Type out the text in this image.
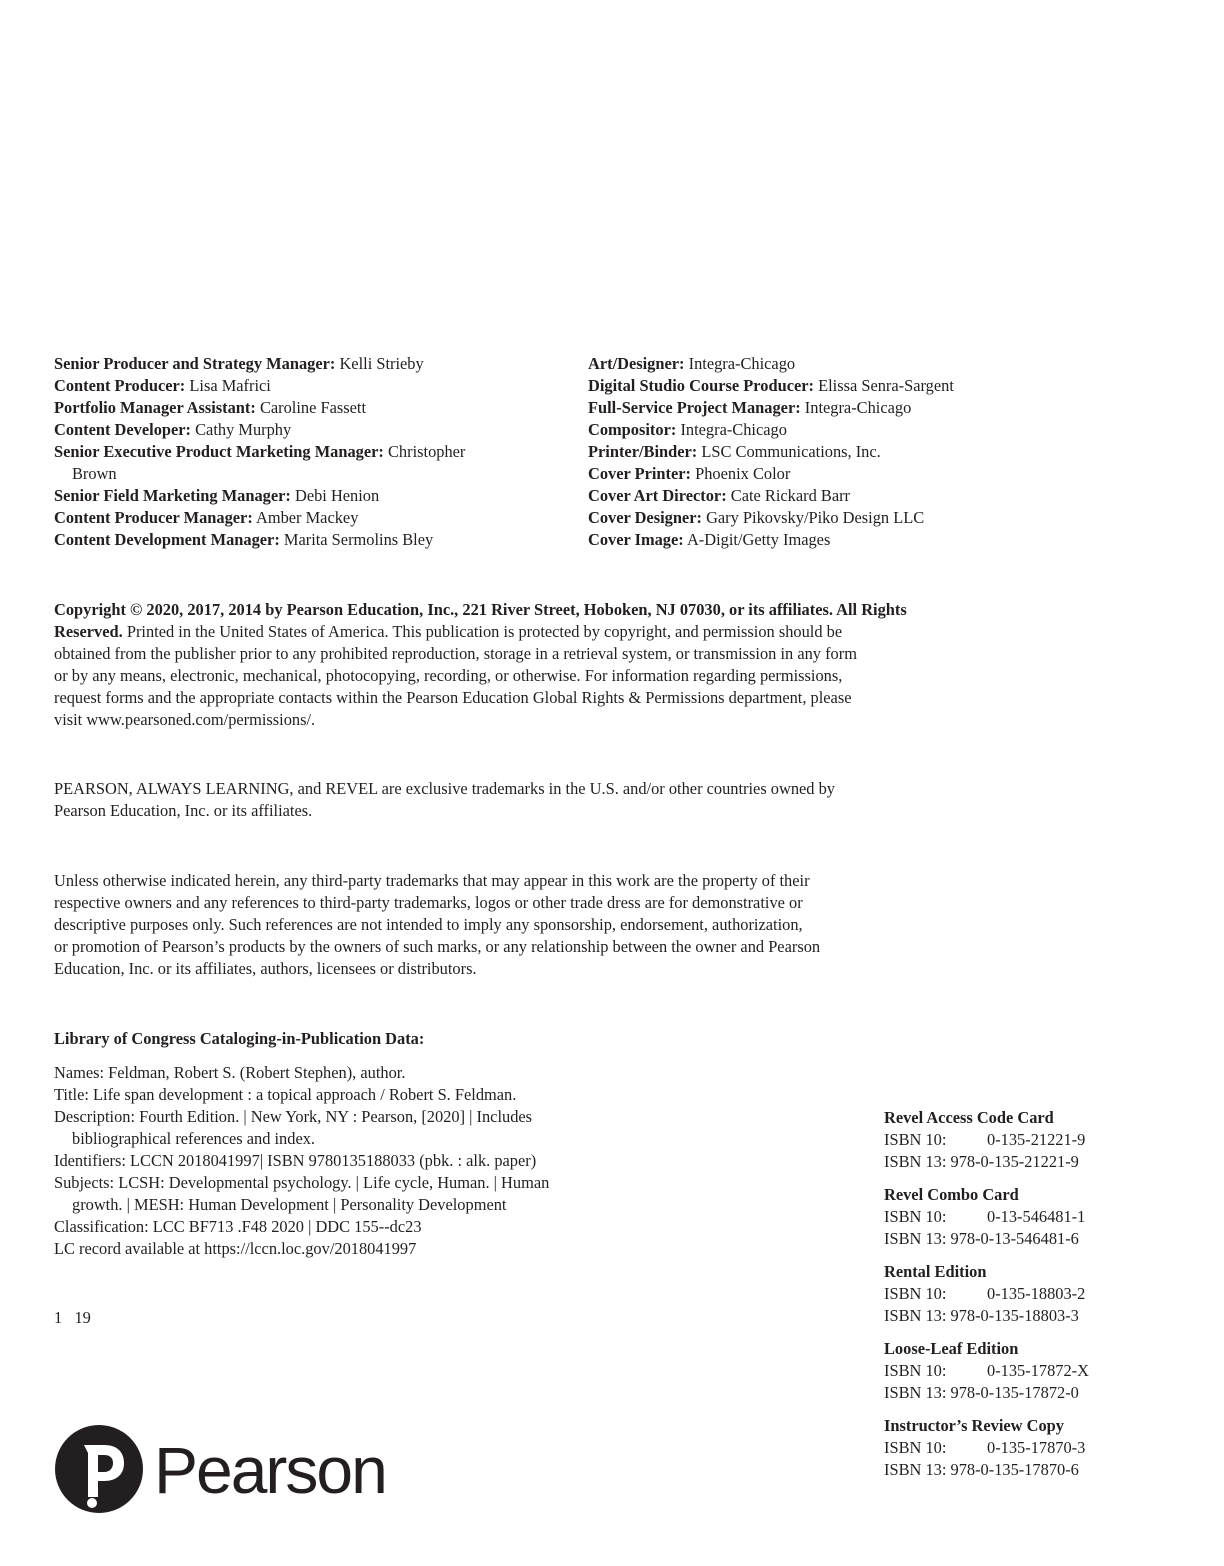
Senior Producer and Strategy Manager: Kelli Strieby
Content Producer: Lisa Mafrici
Portfolio Manager Assistant: Caroline Fassett
Content Developer: Cathy Murphy
Senior Executive Product Marketing Manager: Christopher
Brown
Senior Field Marketing Manager: Debi Henion
Content Producer Manager: Amber Mackey
Content Development Manager: Marita Sermolins Bley
Art/Designer: Integra-Chicago
Digital Studio Course Producer: Elissa Senra-Sargent
Full-Service Project Manager: Integra-Chicago
Compositor: Integra-Chicago
Printer/Binder: LSC Communications, Inc.
Cover Printer: Phoenix Color
Cover Art Director: Cate Rickard Barr
Cover Designer: Gary Pikovsky/Piko Design LLC
Cover Image: A-Digit/Getty Images
Copyright © 2020, 2017, 2014 by Pearson Education, Inc., 221 River Street, Hoboken, NJ 07030, or its affiliates. All Rights
Reserved. Printed in the United States of America. This publication is protected by copyright, and permission should be
obtained from the publisher prior to any prohibited reproduction, storage in a retrieval system, or transmission in any form
or by any means, electronic, mechanical, photocopying, recording, or otherwise. For information regarding permissions,
request forms and the appropriate contacts within the Pearson Education Global Rights & Permissions department, please
visit www.pearsoned.com/permissions/.
PEARSON, ALWAYS LEARNING, and REVEL are exclusive trademarks in the U.S. and/or other countries owned by
Pearson Education, Inc. or its affiliates.
Unless otherwise indicated herein, any third-party trademarks that may appear in this work are the property of their
respective owners and any references to third-party trademarks, logos or other trade dress are for demonstrative or
descriptive purposes only. Such references are not intended to imply any sponsorship, endorsement, authorization,
or promotion of Pearson’s products by the owners of such marks, or any relationship between the owner and Pearson
Education, Inc. or its affiliates, authors, licensees or distributors.
Library of Congress Cataloging-in-Publication Data:
Names: Feldman, Robert S. (Robert Stephen), author.
Title: Life span development : a topical approach / Robert S. Feldman.
Description: Fourth Edition. | New York, NY : Pearson, [2020] | Includes
bibliographical references and index.
Identifiers: LCCN 2018041997| ISBN 9780135188033 (pbk. : alk. paper)
Subjects: LCSH: Developmental psychology. | Life cycle, Human. | Human
growth. | MESH: Human Development | Personality Development
Classification: LCC BF713 .F48 2020 | DDC 155--dc23
LC record available at https://lccn.loc.gov/2018041997
1   19
Revel Access Code Card
ISBN 10: 0-135-21221-9
ISBN 13: 978-0-135-21221-9
Revel Combo Card
ISBN 10: 0-13-546481-1
ISBN 13: 978-0-13-546481-6
Rental Edition
ISBN 10: 0-135-18803-2
ISBN 13: 978-0-135-18803-3
Loose-Leaf Edition
ISBN 10: 0-135-17872-X
ISBN 13: 978-0-135-17872-0
Instructor’s Review Copy
ISBN 10: 0-135-17870-3
ISBN 13: 978-0-135-17870-6
Pearson
